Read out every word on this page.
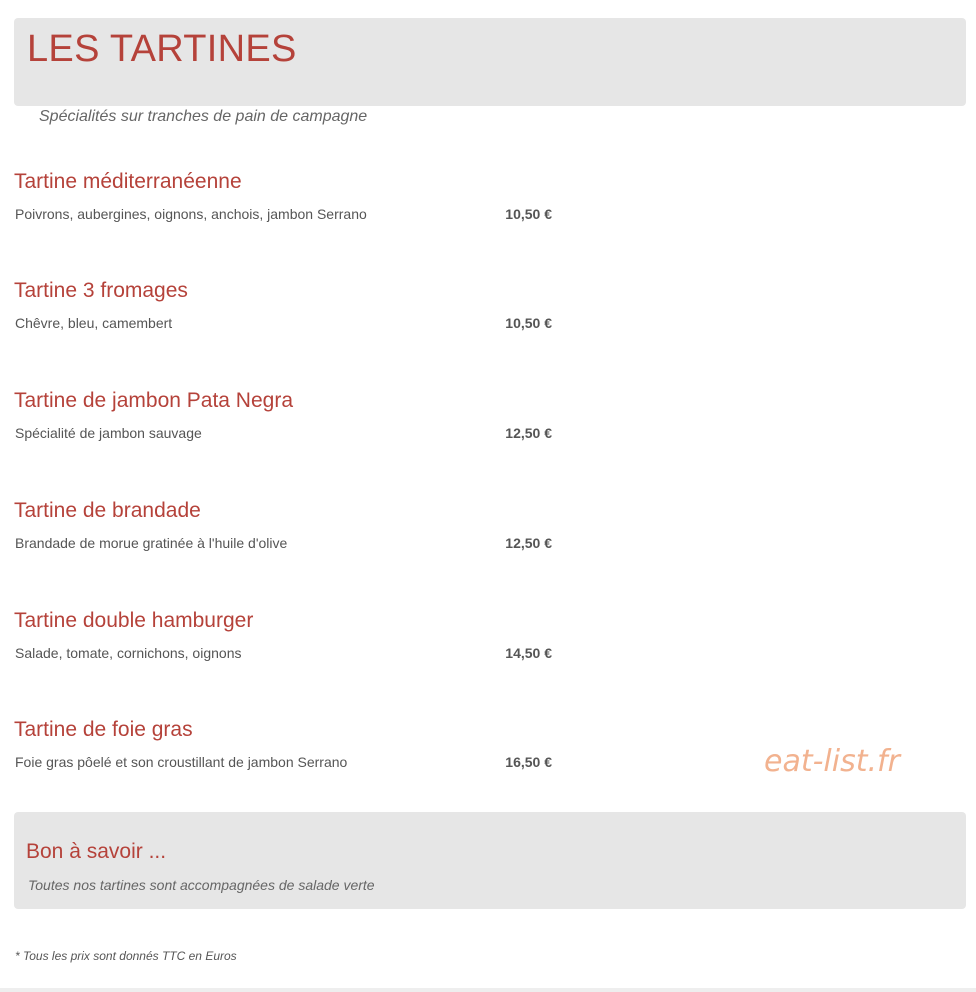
LES TARTINES
Spécialités sur tranches de pain de campagne
Tartine méditerranéenne
Poivrons, aubergines, oignons, anchois, jambon Serrano	10,50 €
Tartine 3 fromages
Chêvre, bleu, camembert	10,50 €
Tartine de jambon Pata Negra
Spécialité de jambon sauvage	12,50 €
Tartine de brandade
Brandade de morue gratinée à l'huile d'olive	12,50 €
Tartine double hamburger
Salade, tomate, cornichons, oignons	14,50 €
Tartine de foie gras
Foie gras pôelé et son croustillant de jambon Serrano	16,50 €	eat-list.fr
Bon à savoir ...
Toutes nos tartines sont accompagnées de salade verte
* Tous les prix sont donnés TTC en Euros
